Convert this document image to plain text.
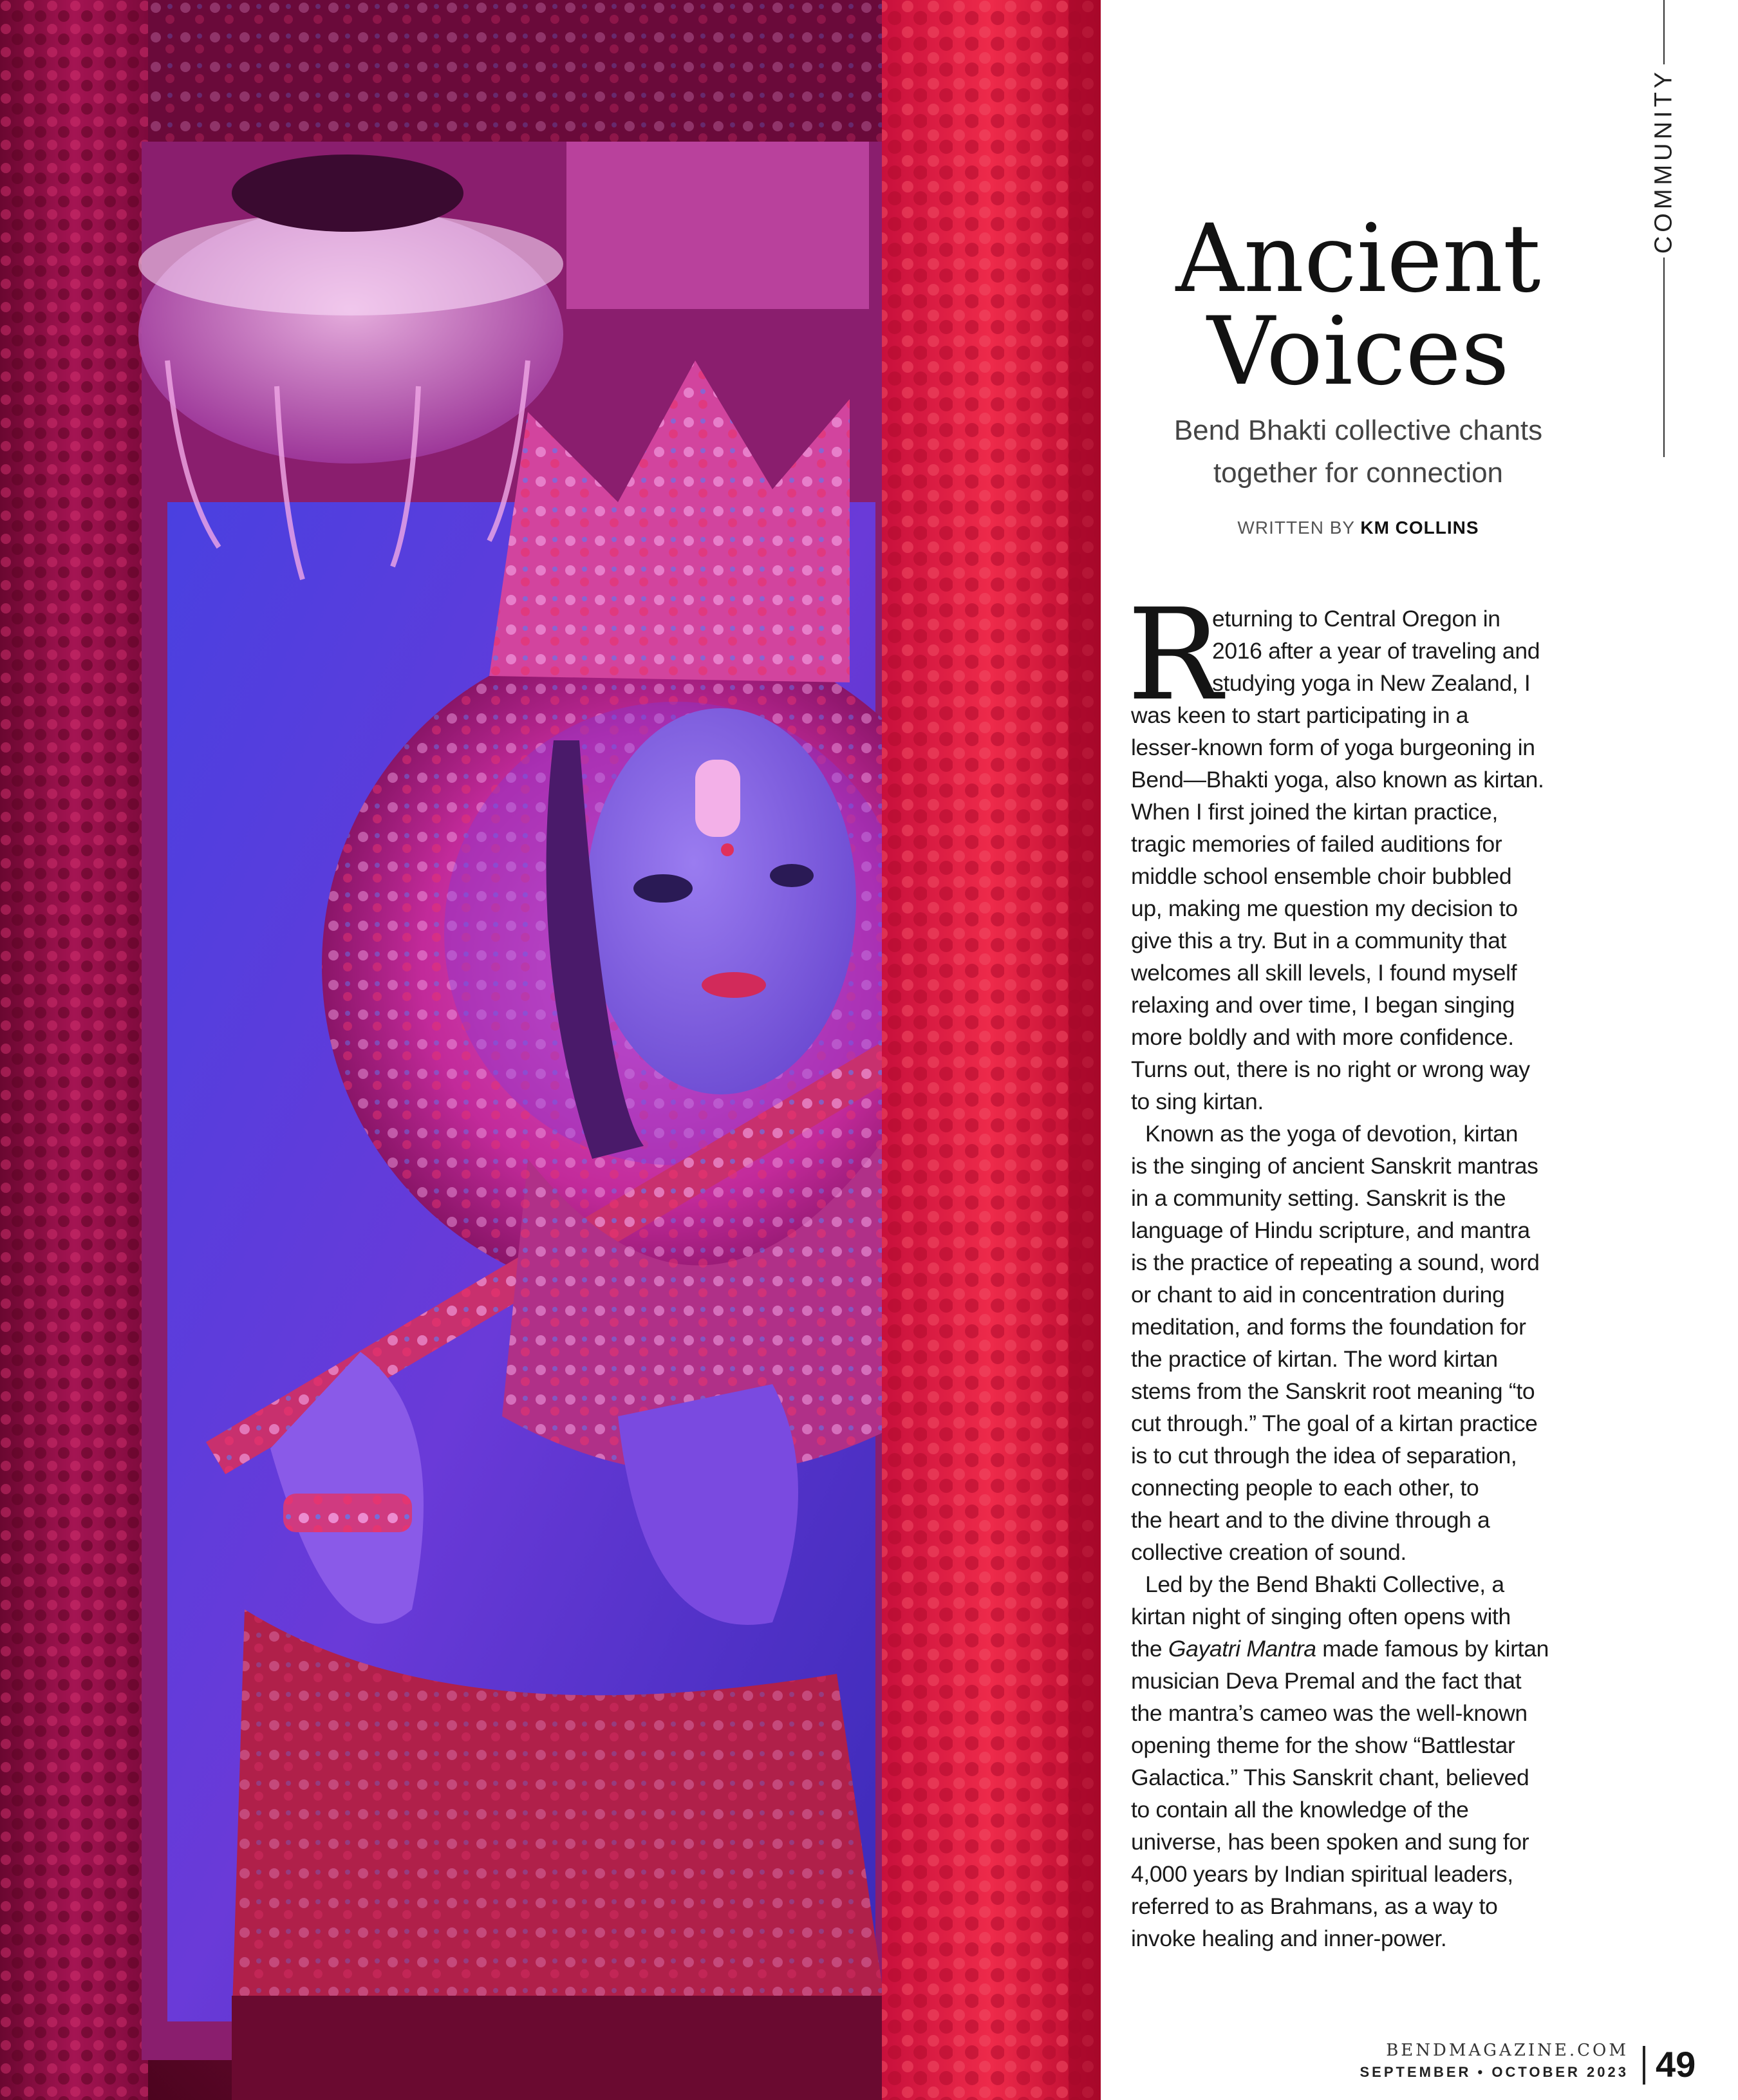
COMMUNITY
Ancient
Voices
Bend Bhakti collective chants
together for connection
WRITTEN BY KM COLLINS
R
eturning to Central Oregon in
2016 after a year of traveling and
studying yoga in New Zealand, I
was keen to start participating in a
lesser-known form of yoga burgeoning in
Bend—Bhakti yoga, also known as kirtan.
When I first joined the kirtan practice,
tragic memories of failed auditions for
middle school ensemble choir bubbled
up, making me question my decision to
give this a try. But in a community that
welcomes all skill levels, I found myself
relaxing and over time, I began singing
more boldly and with more confidence.
Turns out, there is no right or wrong way
to sing kirtan.
Known as the yoga of devotion, kirtan
is the singing of ancient Sanskrit mantras
in a community setting. Sanskrit is the
language of Hindu scripture, and mantra
is the practice of repeating a sound, word
or chant to aid in concentration during
meditation, and forms the foundation for
the practice of kirtan. The word kirtan
stems from the Sanskrit root meaning “to
cut through.” The goal of a kirtan practice
is to cut through the idea of separation,
connecting people to each other, to
the heart and to the divine through a
collective creation of sound.
Led by the Bend Bhakti Collective, a
kirtan night of singing often opens with
the Gayatri Mantra made famous by kirtan
musician Deva Premal and the fact that
the mantra’s cameo was the well-known
opening theme for the show “Battlestar
Galactica.” This Sanskrit chant, believed
to contain all the knowledge of the
universe, has been spoken and sung for
4,000 years by Indian spiritual leaders,
referred to as Brahmans, as a way to
invoke healing and inner-power.
BENDMAGAZINE.COM
SEPTEMBER • OCTOBER 2023 49
